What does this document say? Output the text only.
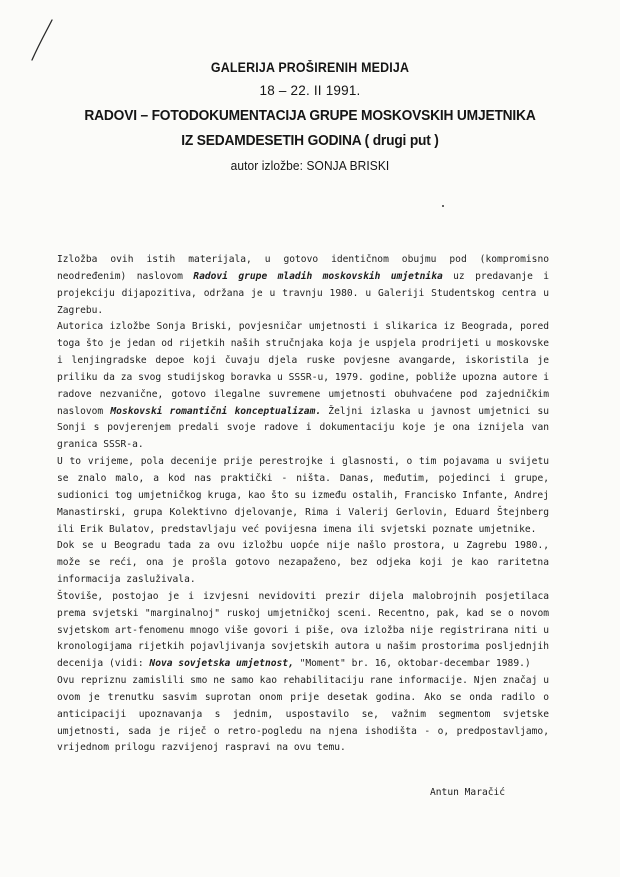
GALERIJA PROŠIRENIH MEDIJA
18 – 22. II 1991.
RADOVI – FOTODOKUMENTACIJA GRUPE MOSKOVSKIH UMJETNIKA
IZ SEDAMDESETIH GODINA ( drugi put )
autor izložbe: SONJA BRISKI

Izložba ovih istih materijala, u gotovo identičnom obujmu pod (kompromisno neodređenim) naslovom Radovi grupe mladih moskovskih umjetnika uz predavanje i projekciju dijapozitiva, održana je u travnju 1980. u Galeriji Studentskog centra u Zagrebu.

Autorica izložbe Sonja Briski, povjesničar umjetnosti i slikarica iz Beograda, pored toga što je jedan od rijetkih naših stručnjaka koja je uspjela prodrijeti u moskovske i lenjingradske depoe koji čuvaju djela ruske povjesne avangarde, iskoristila je priliku da za svog studijskog boravka u SSSR-u, 1979. godine, pobliže upozna autore i radove nezvanične, gotovo ilegalne suvremene umjetnosti obuhvaćene pod zajedničkim naslovom Moskovski romantični konceptualizam. Željni izlaska u javnost umjetnici su Sonji s povjerenjem predali svoje radove i dokumentaciju koje je ona iznijela van granica SSSR-a.

U to vrijeme, pola decenije prije perestrojke i glasnosti, o tim pojavama u svijetu se znalo malo, a kod nas praktički - ništa. Danas, međutim, pojedinci i grupe, sudionici tog umjetničkog kruga, kao što su između ostalih, Francisko Infante, Andrej Manastirski, grupa Kolektivno djelovanje, Rima i Valerij Gerlovin, Eduard Štejnberg ili Erik Bulatov, predstavljaju već povijesna imena ili svjetski poznate umjetnike.

Dok se u Beogradu tada za ovu izložbu uopće nije našlo prostora, u Zagrebu 1980., može se reći, ona je prošla gotovo nezapaženo, bez odjeka koji je kao raritetna informacija zasluživala.

Štoviše, postojao je i izvjesni nevidoviti prezir dijela malobrojnih posjetilaca prema svjetski "marginalnoj" ruskoj umjetničkoj sceni. Recentno, pak, kad se o novom svjetskom art-fenomenu mnogo više govori i piše, ova izložba nije registrirana niti u kronologijama rijetkih pojavljivanja sovjetskih autora u našim prostorima posljednjih decenija (vidi: Nova sovjetska umjetnost, "Moment" br. 16, oktobar-decembar 1989.)

Ovu repriznu zamislili smo ne samo kao rehabilitaciju rane informacije. Njen značaj u ovom je trenutku sasvim suprotan onom prije desetak godina. Ako se onda radilo o anticipaciji upoznavanja s jednim, uspostavilo se, važnim segmentom svjetske umjetnosti, sada je riječ o retro-pogledu na njena ishodišta - o, predpostavljamo, vrijednom prilogu razvijenoj raspravi na ovu temu.

Antun Maračić
